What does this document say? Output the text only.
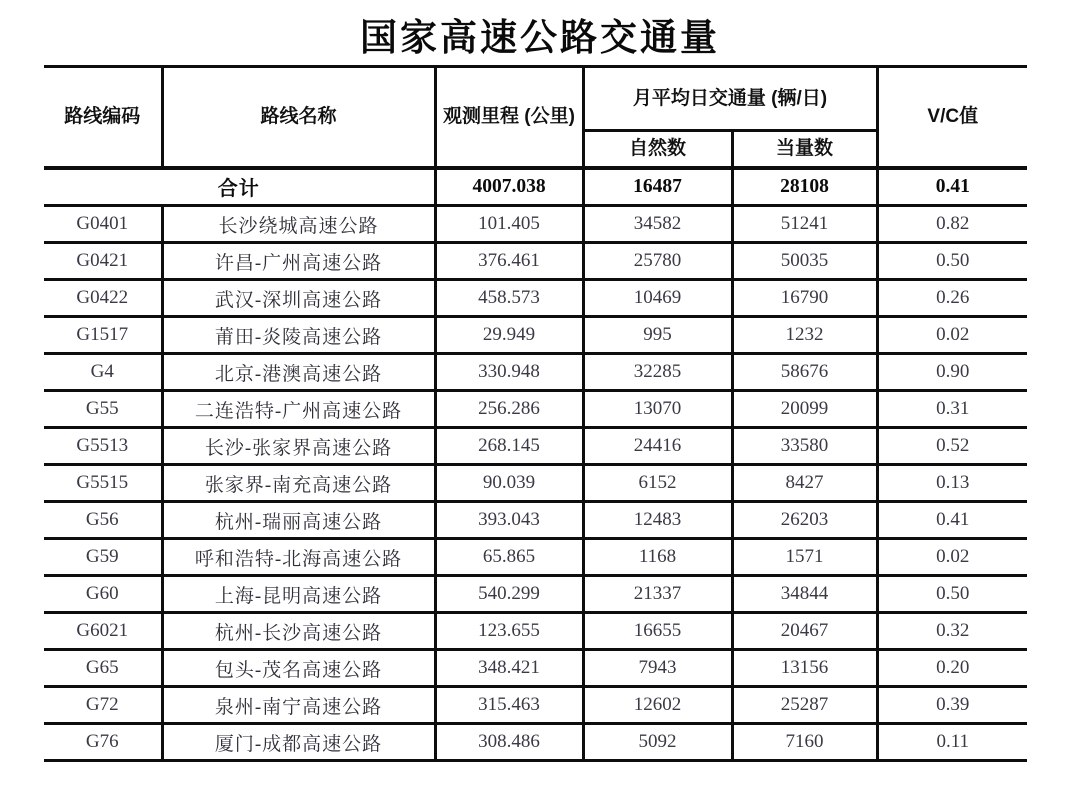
国家高速公路交通量
路线编码	路线名称	观测里程 (公里)	月平均日交通量 (辆/日)		V/C值
			自然数	当量数	
合计		4007.038	16487	28108	0.41
G0401	长沙绕城高速公路	101.405	34582	51241	0.82
G0421	许昌-广州高速公路	376.461	25780	50035	0.50
G0422	武汉-深圳高速公路	458.573	10469	16790	0.26
G1517	莆田-炎陵高速公路	29.949	995	1232	0.02
G4	北京-港澳高速公路	330.948	32285	58676	0.90
G55	二连浩特-广州高速公路	256.286	13070	20099	0.31
G5513	长沙-张家界高速公路	268.145	24416	33580	0.52
G5515	张家界-南充高速公路	90.039	6152	8427	0.13
G56	杭州-瑞丽高速公路	393.043	12483	26203	0.41
G59	呼和浩特-北海高速公路	65.865	1168	1571	0.02
G60	上海-昆明高速公路	540.299	21337	34844	0.50
G6021	杭州-长沙高速公路	123.655	16655	20467	0.32
G65	包头-茂名高速公路	348.421	7943	13156	0.20
G72	泉州-南宁高速公路	315.463	12602	25287	0.39
G76	厦门-成都高速公路	308.486	5092	7160	0.11
